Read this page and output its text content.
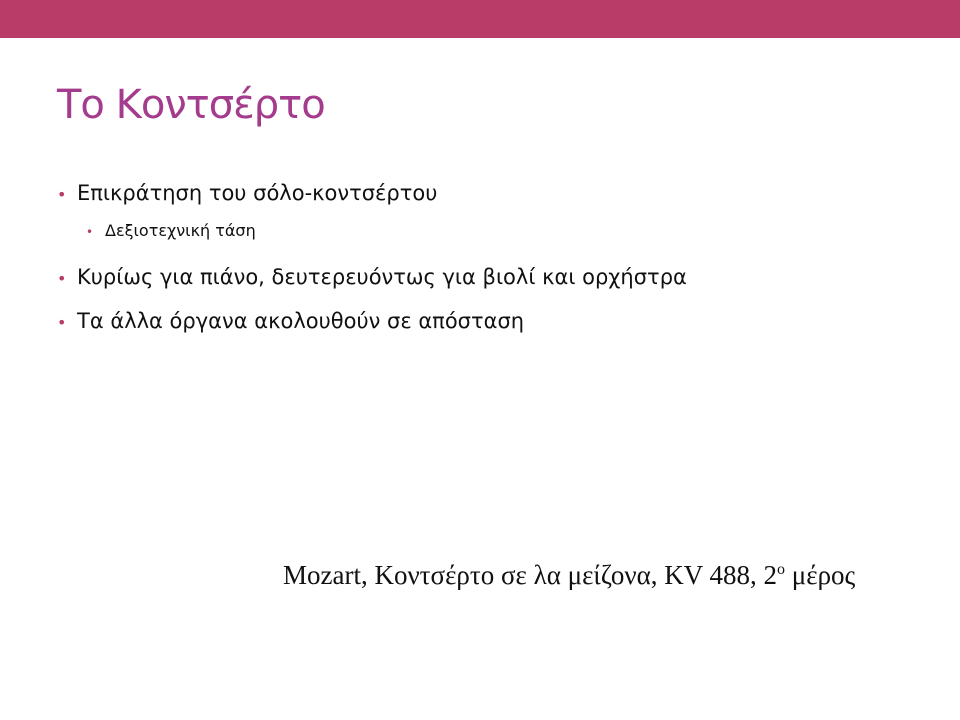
Το Κοντσέρτο
• Επικράτηση του σόλο-κοντσέρτου
• Δεξιοτεχνική τάση
• Κυρίως για πιάνο, δευτερευόντως για βιολί και ορχήστρα
• Τα άλλα όργανα ακολουθούν σε απόσταση
Mozart, Κοντσέρτο σε λα μείζονα, KV 488, $2^o$ μέρος
